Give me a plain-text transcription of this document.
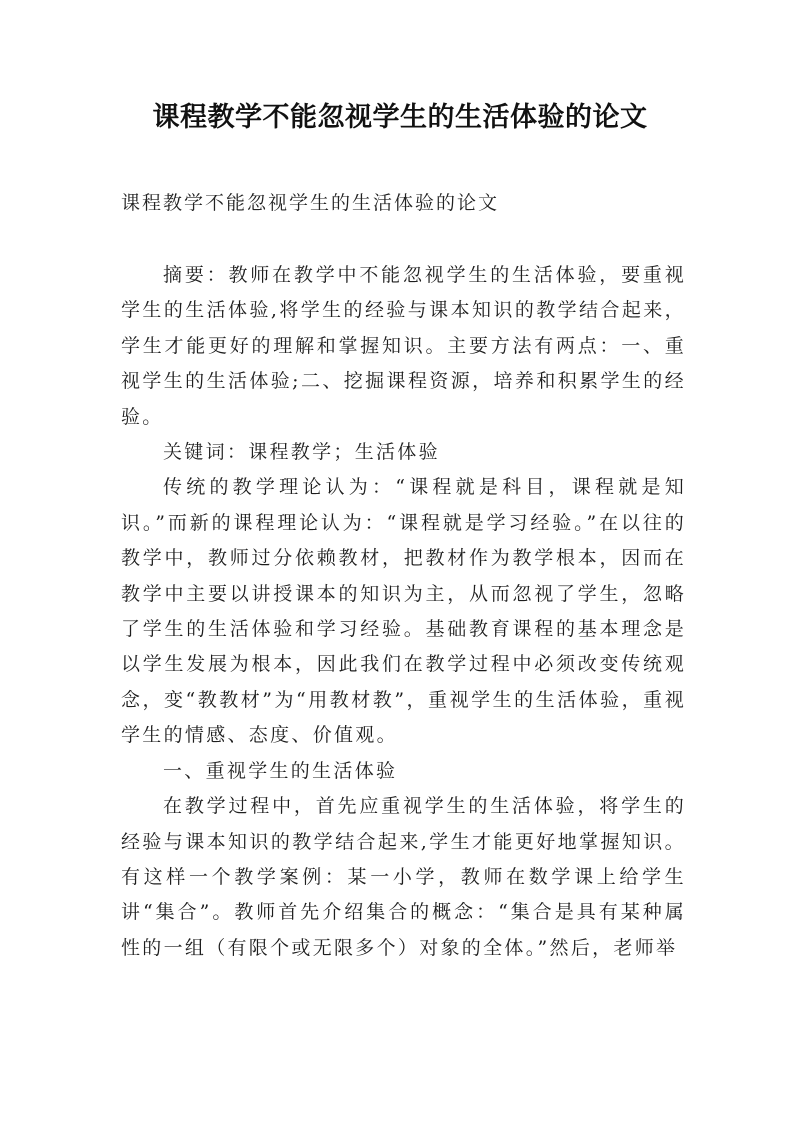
课程教学不能忽视学生的生活体验的论文

课程教学不能忽视学生的生活体验的论文

摘要：教师在教学中不能忽视学生的生活体验，要重视学生的生活体验,将学生的经验与课本知识的教学结合起来，学生才能更好的理解和掌握知识。主要方法有两点：一、重视学生的生活体验;二、挖掘课程资源，培养和积累学生的经验。

关键词：课程教学；生活体验

传统的教学理论认为：“课程就是科目，课程就是知识。”而新的课程理论认为：“课程就是学习经验。”在以往的教学中，教师过分依赖教材，把教材作为教学根本，因而在教学中主要以讲授课本的知识为主，从而忽视了学生，忽略了学生的生活体验和学习经验。基础教育课程的基本理念是以学生发展为根本，因此我们在教学过程中必须改变传统观念，变“教教材”为“用教材教”，重视学生的生活体验，重视学生的情感、态度、价值观。

一、重视学生的生活体验

在教学过程中，首先应重视学生的生活体验，将学生的经验与课本知识的教学结合起来,学生才能更好地掌握知识。有这样一个教学案例：某一小学，教师在数学课上给学生讲“集合”。教师首先介绍集合的概念：“集合是具有某种属性的一组（有限个或无限多个）对象的全体。”然后，老师举
